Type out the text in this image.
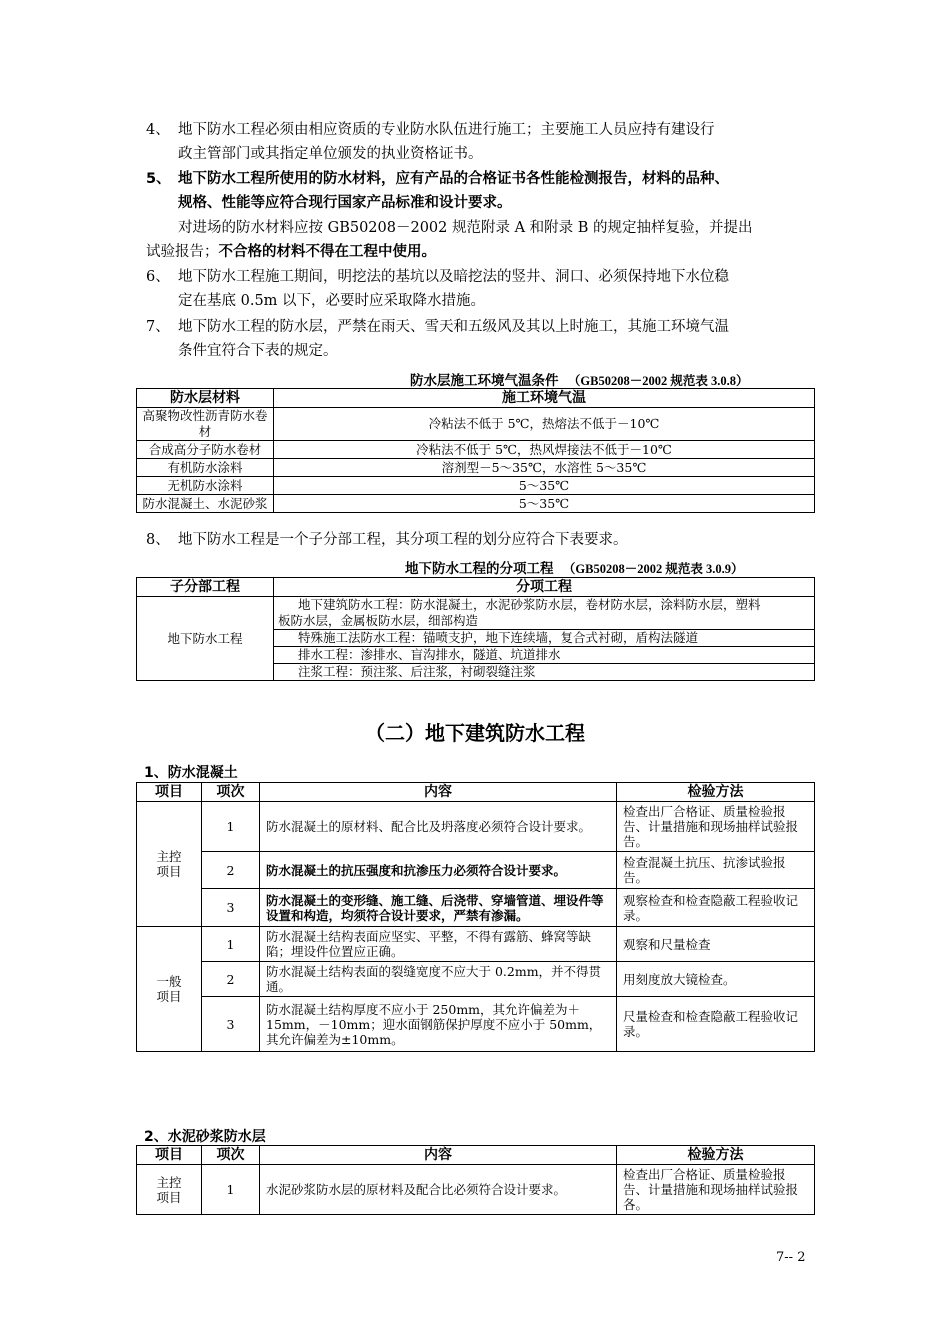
4、 地下防水工程必须由相应资质的专业防水队伍进行施工；主要施工人员应持有建设行
政主管部门或其指定单位颁发的执业资格证书。
5、 地下防水工程所使用的防水材料，应有产品的合格证书各性能检测报告，材料的品种、
规格、性能等应符合现行国家产品标准和设计要求。
对进场的防水材料应按 GB50208－2002 规范附录 A 和附录 B 的规定抽样复验，并提出
试验报告；不合格的材料不得在工程中使用。
6、 地下防水工程施工期间，明挖法的基坑以及暗挖法的竖井、洞口、必须保持地下水位稳
定在基底 0.5m 以下，必要时应采取降水措施。
7、 地下防水工程的防水层，严禁在雨天、雪天和五级风及其以上时施工，其施工环境气温
条件宜符合下表的规定。
防水层施工环境气温条件 （GB50208－2002 规范表 3.0.8）
防水层材料	施工环境气温
高聚物改性沥青防水卷材	冷粘法不低于 5℃，热熔法不低于－10℃
合成高分子防水卷材	冷粘法不低于 5℃，热风焊接法不低于－10℃
有机防水涂料	溶剂型－5～35℃，水溶性 5～35℃
无机防水涂料	5～35℃
防水混凝土、水泥砂浆	5～35℃
8、 地下防水工程是一个子分部工程，其分项工程的划分应符合下表要求。
地下防水工程的分项工程 （GB50208－2002 规范表 3.0.9）
子分部工程	分项工程
地下防水工程	地下建筑防水工程：防水混凝土，水泥砂浆防水层，卷材防水层，涂料防水层，塑料
板防水层，金属板防水层，细部构造

	特殊施工法防水工程：锚喷支护，地下连续墙，复合式衬砌，盾构法隧道
	排水工程：渗排水、盲沟排水，隧道、坑道排水
	注浆工程：预注浆、后注浆，衬砌裂缝注浆
（二）地下建筑防水工程
1、防水混凝土
项目	项次	内容	检验方法

主控项目	1	防水混凝土的原材料、配合比及坍落度必须符合设计要求。	检查出厂合格证、质量检验报告、计量措施和现场抽样试验报告。
	2	防水混凝土的抗压强度和抗渗压力必须符合设计要求。	检查混凝土抗压、抗渗试验报告。
	3	防水混凝土的变形缝、施工缝、后浇带、穿墙管道、埋设件等设置和构造，均须符合设计要求，严禁有渗漏。	观察检查和检查隐蔽工程验收记录。

一般项目	1	防水混凝土结构表面应坚实、平整，不得有露筋、蜂窝等缺陷；埋设件位置应正确。	观察和尺量检查
	2	防水混凝土结构表面的裂缝宽度不应大于 0.2mm，并不得贯通。	用刻度放大镜检查。
	3	防水混凝土结构厚度不应小于 250mm，其允许偏差为＋15mm，－10mm；迎水面钢筋保护厚度不应小于 50mm，其允许偏差为±10mm。	尺量检查和检查隐蔽工程验收记录。
2、水泥砂浆防水层
项目	项次	内容	检验方法

主控项目	1	水泥砂浆防水层的原材料及配合比必须符合设计要求。	检查出厂合格证、质量检验报告、计量措施和现场抽样试验报各。
7-- 2
